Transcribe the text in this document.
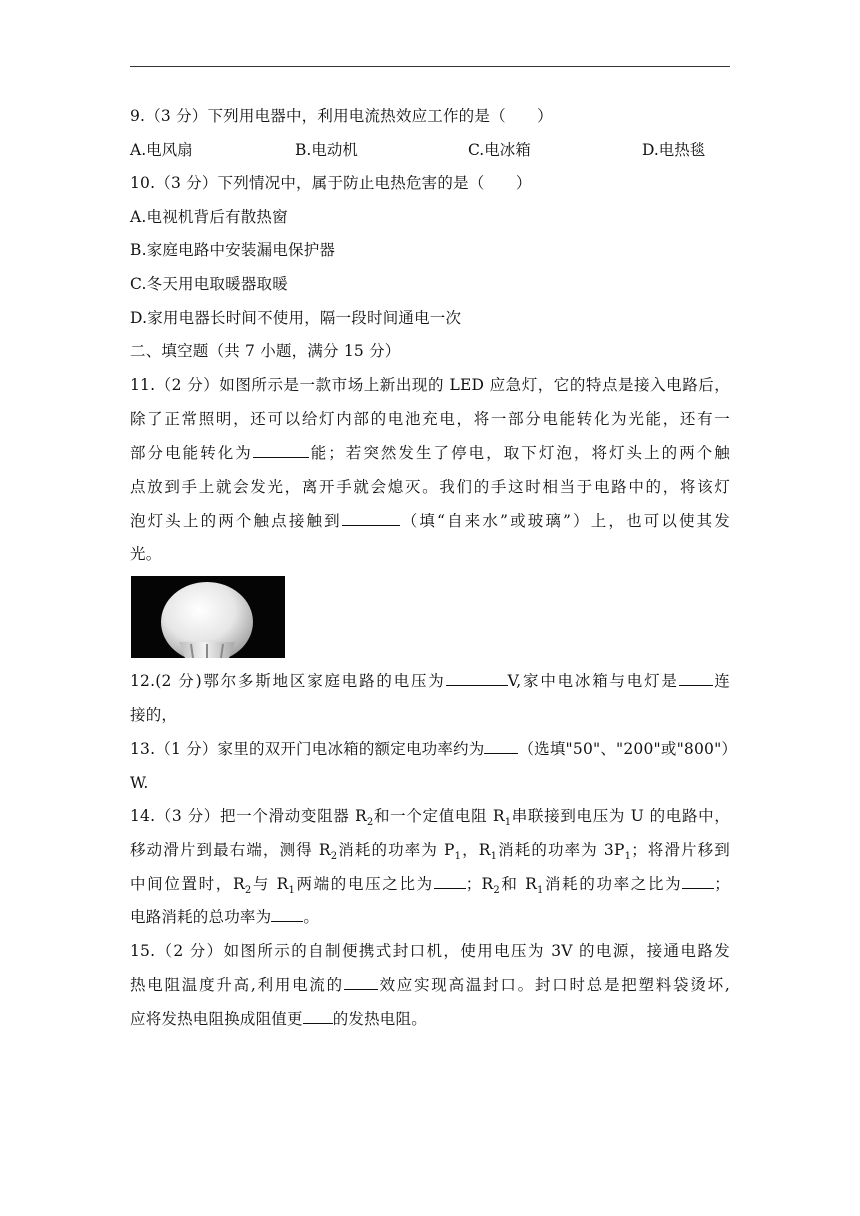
9.（3 分）下列用电器中，利用电流热效应工作的是（　　）
A.电风扇	B.电动机	C.电冰箱	D.电热毯
10.（3 分）下列情况中，属于防止电热危害的是（　　）
A.电视机背后有散热窗
B.家庭电路中安装漏电保护器
C.冬天用电取暖器取暖
D.家用电器长时间不使用，隔一段时间通电一次
二、填空题（共 7 小题，满分 15 分）
11.（2 分）如图所示是一款市场上新出现的 LED 应急灯，它的特点是接入电路后，
除了正常照明，还可以给灯内部的电池充电，将一部分电能转化为光能，还有一
部分电能转化为	能；若突然发生了停电，取下灯泡，将灯头上的两个触
点放到手上就会发光，离开手就会熄灭。我们的手这时相当于电路中的，将该灯
泡灯头上的两个触点接触到	（填“自来水”或玻璃”）上，也可以使其发
光。
12.(2 分)鄂尔多斯地区家庭电路的电压为	V,家中电冰箱与电灯是 连
接的，
13.（1 分）家里的双开门电冰箱的额定电功率约为 （选填"50"、"200"或"800"）
W.
14.（3 分）把一个滑动变阻器 $R_2$和一个定值电阻 $R_1$串联接到电压为 U 的电路中，
移动滑片到最右端，测得 $R_2$消耗的功率为 $P_1$，$R_1$消耗的功率为 $3P_1$；将滑片移到
中间位置时，$R_2$与 $R_1$两端的电压之比为 ；$R_2$和 $R_1$消耗的功率之比为 ；
电路消耗的总功率为 。
15.（2 分）如图所示的自制便携式封口机，使用电压为 3V 的电源，接通电路发
热电阻温度升高,利用电流的 效应实现高温封口。封口时总是把塑料袋烫坏,
应将发热电阻换成阻值更 的发热电阻。
